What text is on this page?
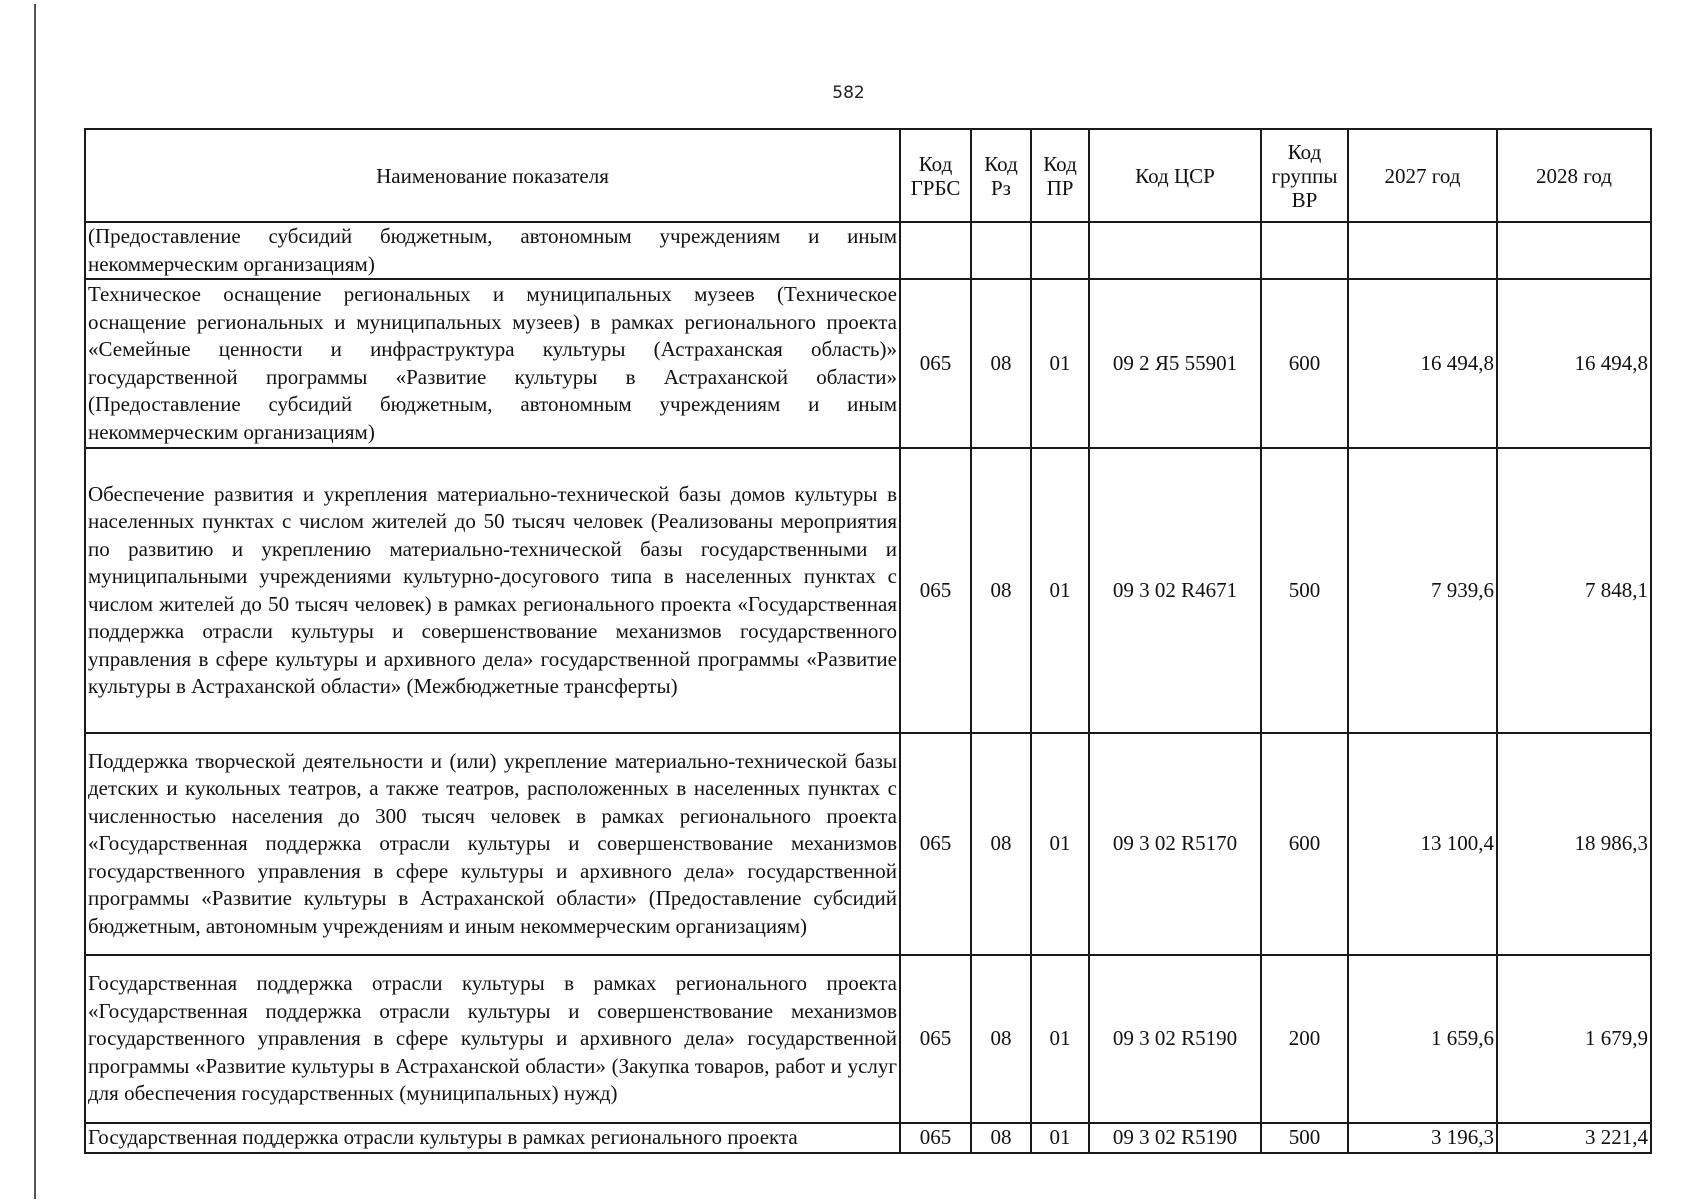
582
Наименование показателя	Код ГРБС	Код Рз	Код ПР	Код ЦСР	Код группы ВР	2027 год	2028 год
(Предоставление субсидий бюджетным, автономным учреждениям и иным некоммерческим организациям)							
Техническое оснащение региональных и муниципальных музеев (Техническое оснащение региональных и муниципальных музеев) в рамках регионального проекта «Семейные ценности и инфраструктура культуры (Астраханская область)» государственной программы «Развитие культуры в Астраханской области» (Предоставление субсидий бюджетным, автономным учреждениям и иным некоммерческим организациям)	065	08	01	09 2 Я5 55901	600	16 494,8	16 494,8
Обеспечение развития и укрепления материально-технической базы домов культуры в населенных пунктах с числом жителей до 50 тысяч человек (Реализованы мероприятия по развитию и укреплению материально-технической базы государственными и муниципальными учреждениями культурно-досугового типа в населенных пунктах с числом жителей до 50 тысяч человек) в рамках регионального проекта «Государственная поддержка отрасли культуры и совершенствование механизмов государственного управления в сфере культуры и архивного дела» государственной программы «Развитие культуры в Астраханской области» (Межбюджетные трансферты)	065	08	01	09 3 02 R4671	500	7 939,6	7 848,1
Поддержка творческой деятельности и (или) укрепление материально-технической базы детских и кукольных театров, а также театров, расположенных в населенных пунктах с численностью населения до 300 тысяч человек в рамках регионального проекта «Государственная поддержка отрасли культуры и совершенствование механизмов государственного управления в сфере культуры и архивного дела» государственной программы «Развитие культуры в Астраханской области» (Предоставление субсидий бюджетным, автономным учреждениям и иным некоммерческим организациям)	065	08	01	09 3 02 R5170	600	13 100,4	18 986,3
Государственная поддержка отрасли культуры в рамках регионального проекта «Государственная поддержка отрасли культуры и совершенствование механизмов государственного управления в сфере культуры и архивного дела» государственной программы «Развитие культуры в Астраханской области» (Закупка товаров, работ и услуг для обеспечения государственных (муниципальных) нужд)	065	08	01	09 3 02 R5190	200	1 659,6	1 679,9
Государственная поддержка отрасли культуры в рамках регионального проекта	065	08	01	09 3 02 R5190	500	3 196,3	3 221,4
